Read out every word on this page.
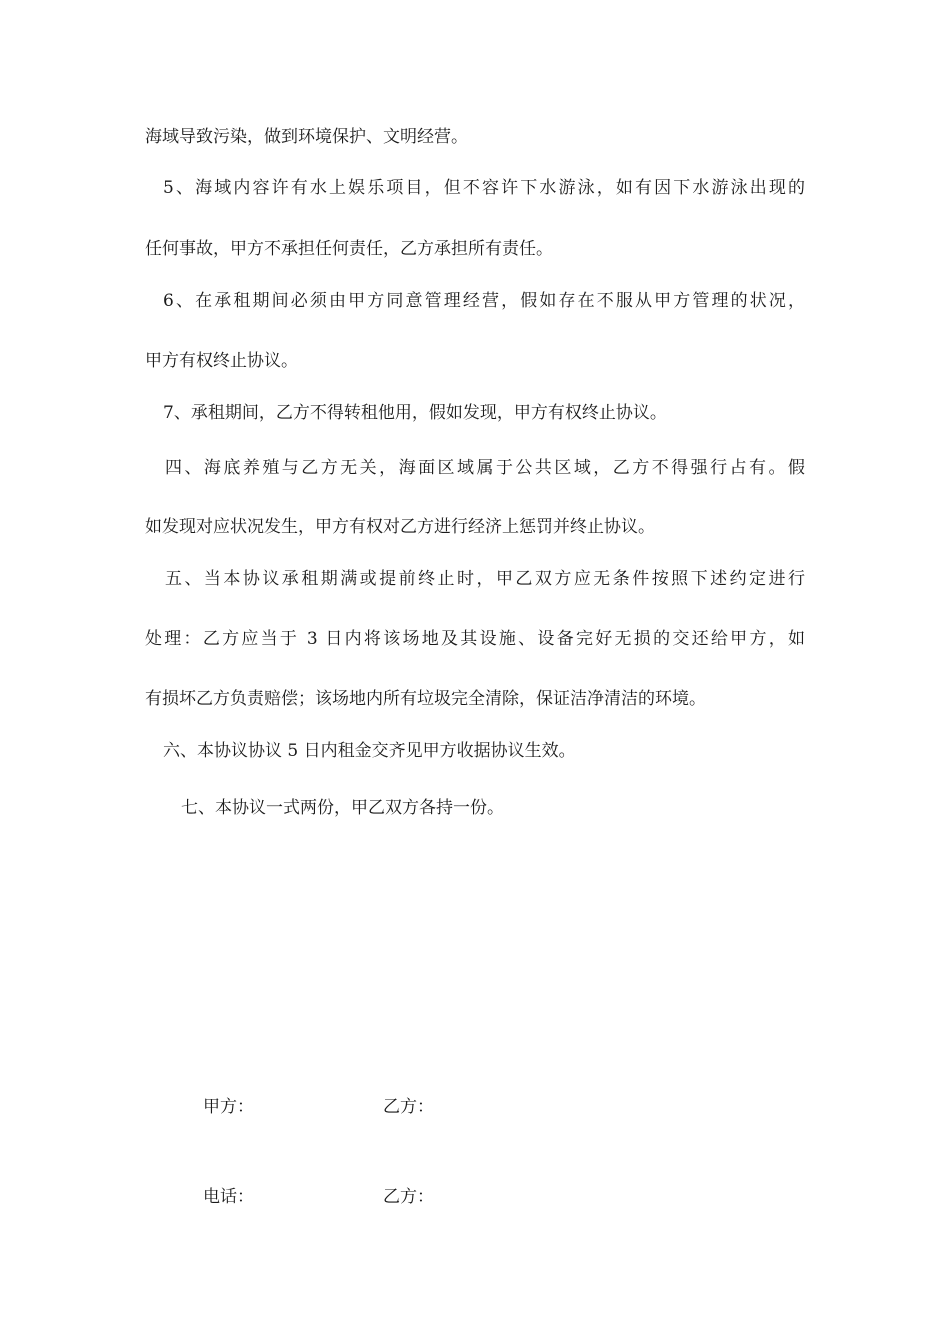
海域导致污染，做到环境保护、文明经营。

5、海域内容许有水上娱乐项目，但不容许下水游泳，如有因下水游泳出现的

任何事故，甲方不承担任何责任，乙方承担所有责任。

6、在承租期间必须由甲方同意管理经营，假如存在不服从甲方管理的状况，

甲方有权终止协议。

7、承租期间，乙方不得转租他用，假如发现，甲方有权终止协议。

四、海底养殖与乙方无关，海面区域属于公共区域，乙方不得强行占有。假

如发现对应状况发生，甲方有权对乙方进行经济上惩罚并终止协议。

五、当本协议承租期满或提前终止时，甲乙双方应无条件按照下述约定进行

处理：乙方应当于 3 日内将该场地及其设施、设备完好无损的交还给甲方，如

有损坏乙方负责赔偿；该场地内所有垃圾完全清除，保证洁净清洁的环境。

六、本协议协议 5 日内租金交齐见甲方收据协议生效。

七、本协议一式两份，甲乙双方各持一份。

甲方：	乙方：

电话：	乙方：
